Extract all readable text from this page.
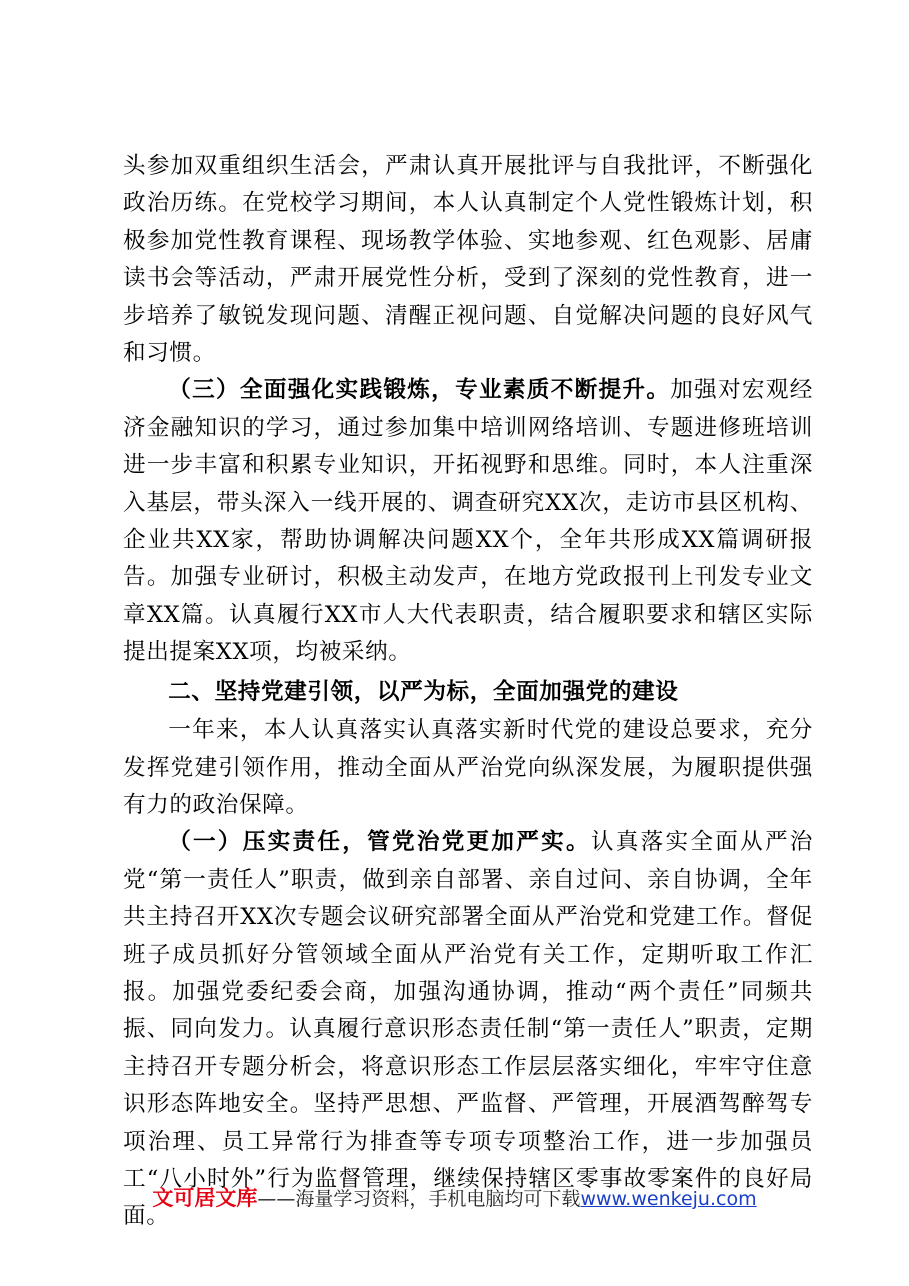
头参加双重组织生活会，严肃认真开展批评与自我批评，不断强化政治历练。在党校学习期间，本人认真制定个人党性锻炼计划，积极参加党性教育课程、现场教学体验、实地参观、红色观影、居庸读书会等活动，严肃开展党性分析，受到了深刻的党性教育，进一步培养了敏锐发现问题、清醒正视问题、自觉解决问题的良好风气和习惯。

（三）全面强化实践锻炼，专业素质不断提升。加强对宏观经济金融知识的学习，通过参加集中培训网络培训、专题进修班培训进一步丰富和积累专业知识，开拓视野和思维。同时，本人注重深入基层，带头深入一线开展的、调查研究XX次，走访市县区机构、企业共XX家，帮助协调解决问题XX个，全年共形成XX篇调研报告。加强专业研讨，积极主动发声，在地方党政报刊上刊发专业文章XX篇。认真履行XX市人大代表职责，结合履职要求和辖区实际提出提案XX项，均被采纳。

二、坚持党建引领，以严为标，全面加强党的建设

一年来，本人认真落实认真落实新时代党的建设总要求，充分发挥党建引领作用，推动全面从严治党向纵深发展，为履职提供强有力的政治保障。

（一）压实责任，管党治党更加严实。认真落实全面从严治党“第一责任人”职责，做到亲自部署、亲自过问、亲自协调，全年共主持召开XX次专题会议研究部署全面从严治党和党建工作。督促班子成员抓好分管领域全面从严治党有关工作，定期听取工作汇报。加强党委纪委会商，加强沟通协调，推动“两个责任”同频共振、同向发力。认真履行意识形态责任制“第一责任人”职责，定期主持召开专题分析会，将意识形态工作层层落实细化，牢牢守住意识形态阵地安全。坚持严思想、严监督、严管理，开展酒驾醉驾专项治理、员工异常行为排查等专项专项整治工作，进一步加强员工“八小时外”行为监督管理，继续保持辖区零事故零案件的良好局面。

文可居文库——海量学习资料，手机电脑均可下载www.wenkeju.com
